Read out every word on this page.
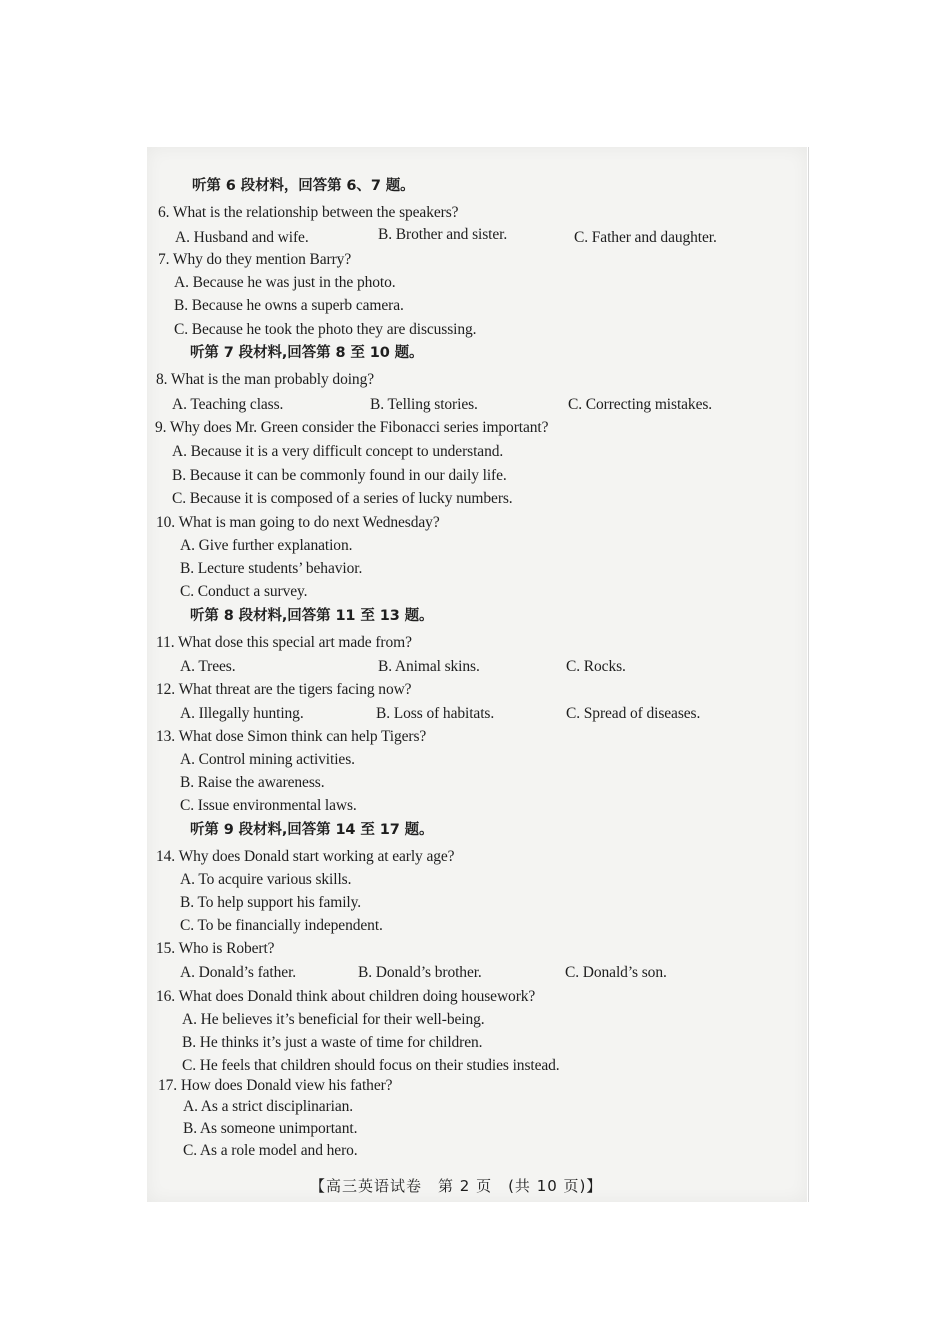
听第 6 段材料，回答第 6、7 题。
6. What is the relationship between the speakers?
A. Husband and wife.	B. Brother and sister.	C. Father and daughter.
7. Why do they mention Barry?
A. Because he was just in the photo.
B. Because he owns a superb camera.
C. Because he took the photo they are discussing.
听第 7 段材料,回答第 8 至 10 题。
8. What is the man probably doing?
A. Teaching class.	B. Telling stories.	C. Correcting mistakes.
9. Why does Mr. Green consider the Fibonacci series important?
A. Because it is a very difficult concept to understand.
B. Because it can be commonly found in our daily life.
C. Because it is composed of a series of lucky numbers.
10. What is man going to do next Wednesday?
A. Give further explanation.
B. Lecture students’ behavior.
C. Conduct a survey.
听第 8 段材料,回答第 11 至 13 题。
11. What dose this special art made from?
A. Trees.	B. Animal skins.	C. Rocks.
12. What threat are the tigers facing now?
A. Illegally hunting.	B. Loss of habitats.	C. Spread of diseases.
13. What dose Simon think can help Tigers?
A. Control mining activities.
B. Raise the awareness.
C. Issue environmental laws.
听第 9 段材料,回答第 14 至 17 题。
14. Why does Donald start working at early age?
A. To acquire various skills.
B. To help support his family.
C. To be financially independent.
15. Who is Robert?
A. Donald’s father.	B. Donald’s brother.	C. Donald’s son.
16. What does Donald think about children doing housework?
A. He believes it’s beneficial for their well-being.
B. He thinks it’s just a waste of time for children.
C. He feels that children should focus on their studies instead.
17. How does Donald view his father?
A. As a strict disciplinarian.
B. As someone unimportant.
C. As a role model and hero.
【高三英语试卷　第 2 页　(共 10 页)】
